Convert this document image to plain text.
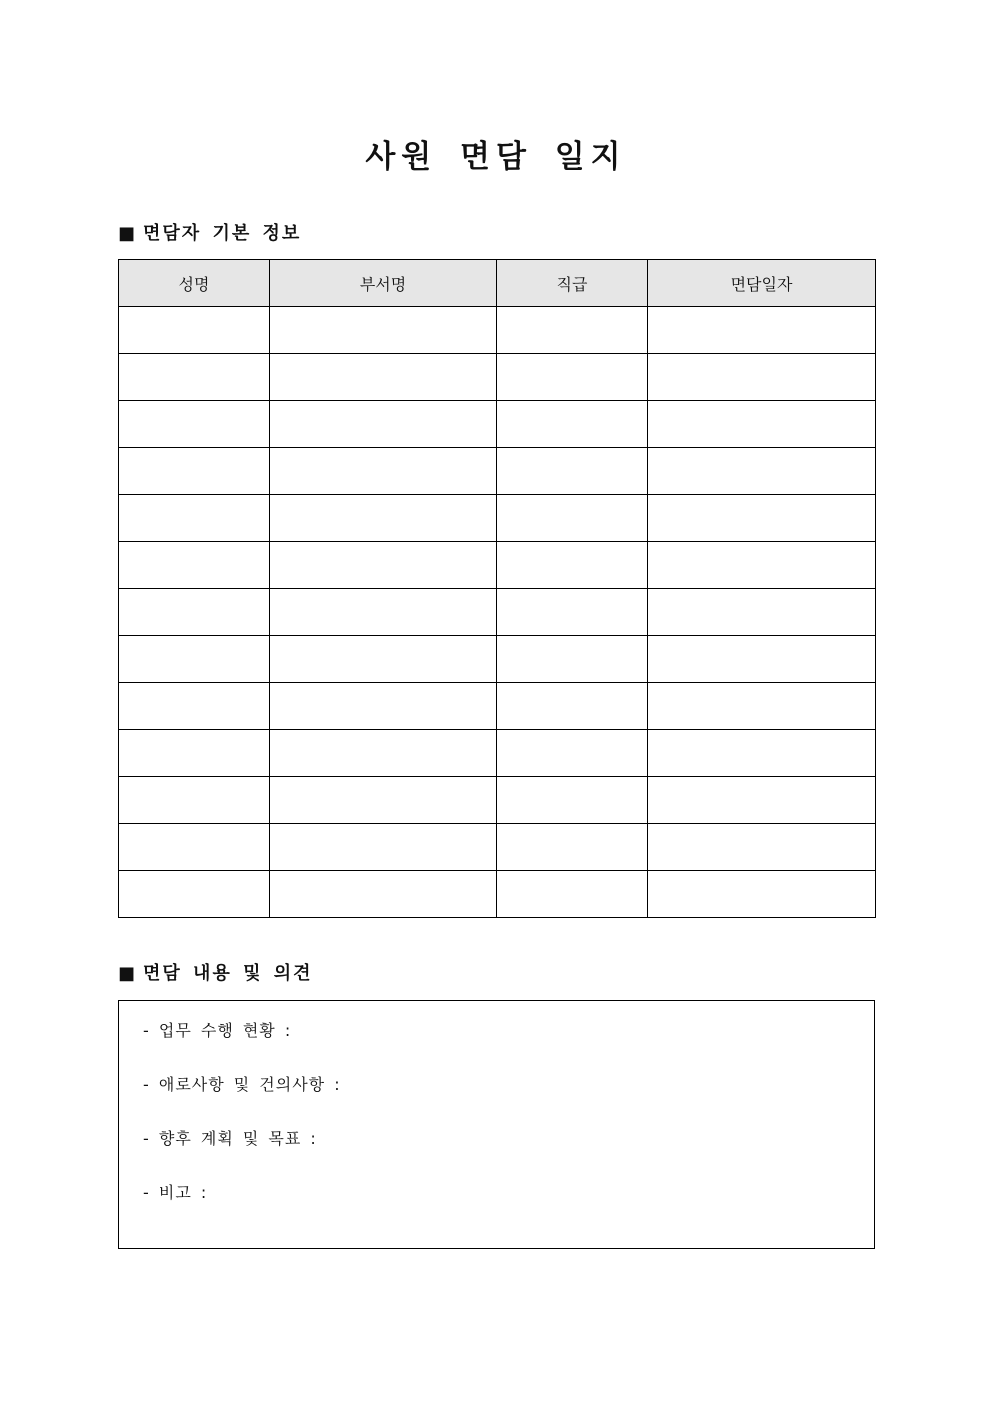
사원 면담 일지
■ 면담자 기본 정보
성명	부서명	직급	면담일자

■ 면담 내용 및 의견
- 업무 수행 현황 :
- 애로사항 및 건의사항 :
- 향후 계획 및 목표 :
- 비고 :
